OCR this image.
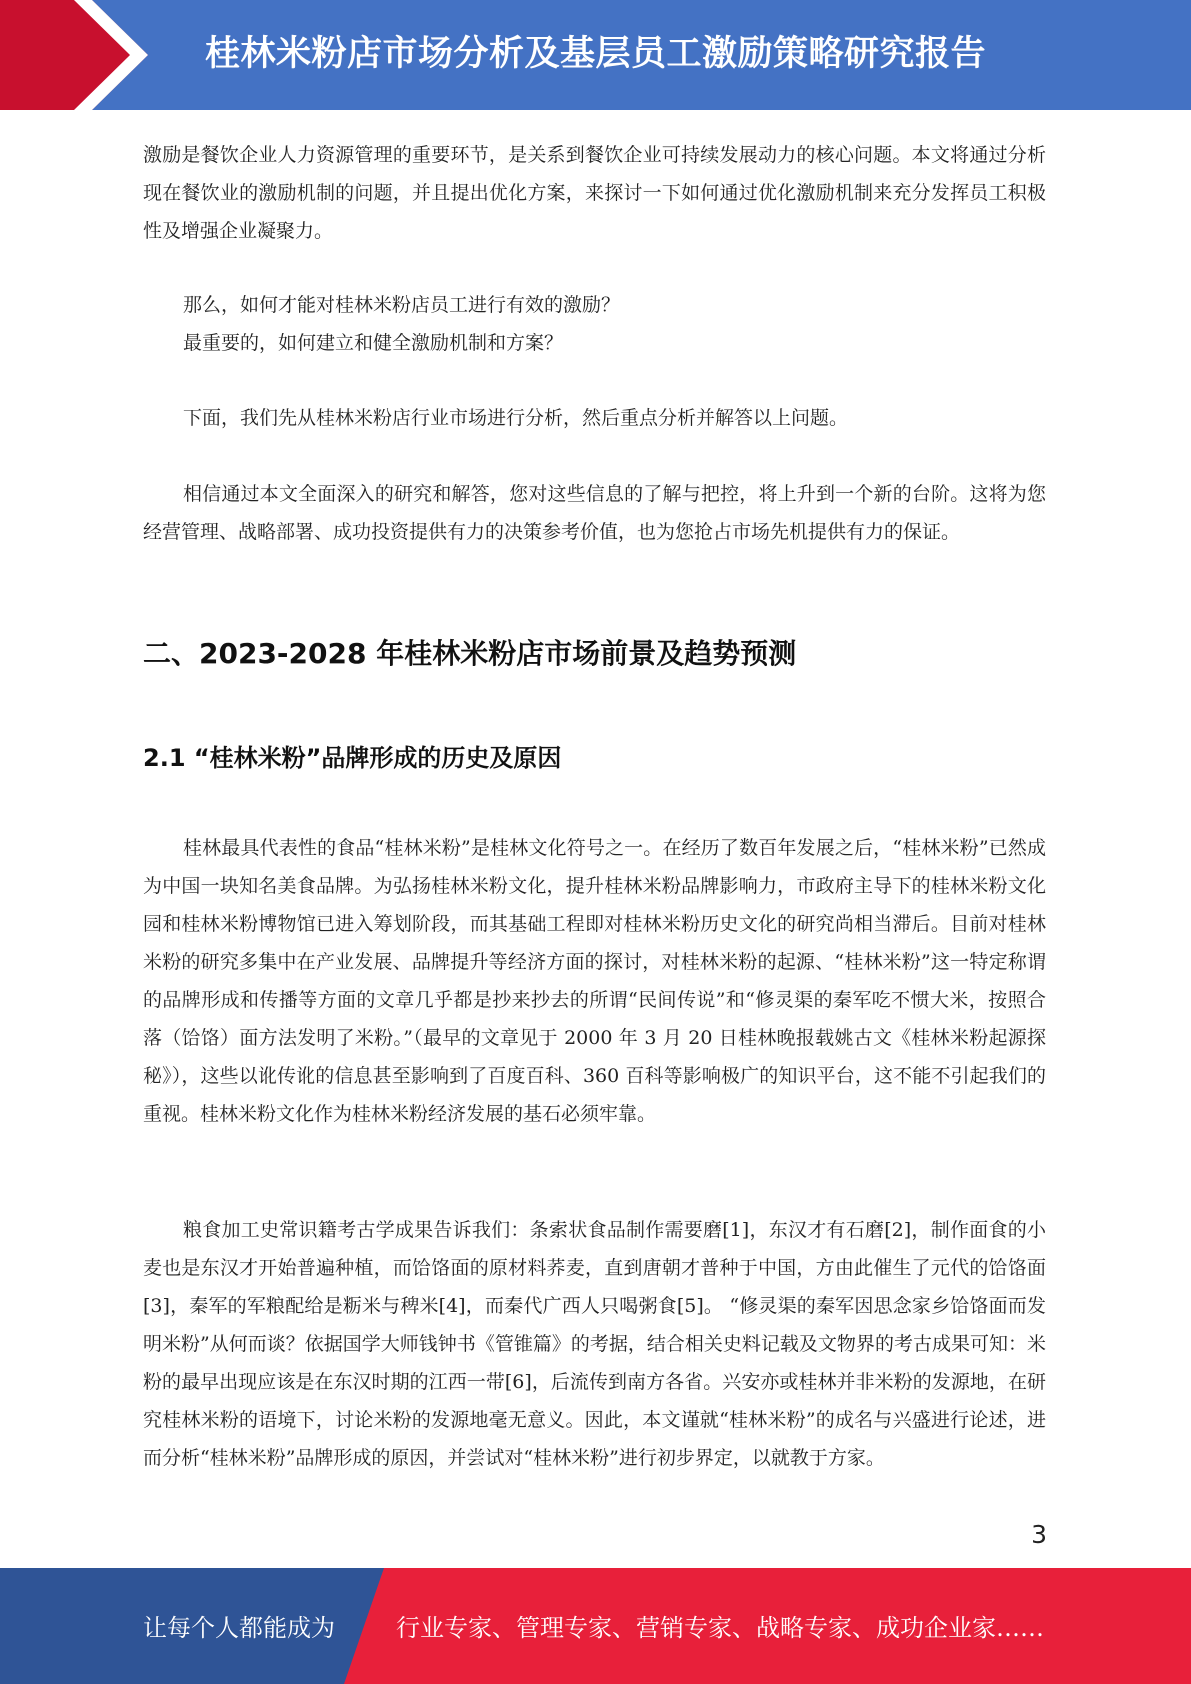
桂林米粉店市场分析及基层员工激励策略研究报告

激励是餐饮企业人力资源管理的重要环节，是关系到餐饮企业可持续发展动力的核心问题。本文将通过分析现在餐饮业的激励机制的问题，并且提出优化方案，来探讨一下如何通过优化激励机制来充分发挥员工积极性及增强企业凝聚力。

那么，如何才能对桂林米粉店员工进行有效的激励？

最重要的，如何建立和健全激励机制和方案？

下面，我们先从桂林米粉店行业市场进行分析，然后重点分析并解答以上问题。

相信通过本文全面深入的研究和解答，您对这些信息的了解与把控，将上升到一个新的台阶。这将为您经营管理、战略部署、成功投资提供有力的决策参考价值，也为您抢占市场先机提供有力的保证。

二、2023-2028 年桂林米粉店市场前景及趋势预测
2.1 “桂林米粉”品牌形成的历史及原因

桂林最具代表性的食品“桂林米粉”是桂林文化符号之一。在经历了数百年发展之后，“桂林米粉”已然成为中国一块知名美食品牌。为弘扬桂林米粉文化，提升桂林米粉品牌影响力，市政府主导下的桂林米粉文化园和桂林米粉博物馆已进入筹划阶段，而其基础工程即对桂林米粉历史文化的研究尚相当滞后。目前对桂林米粉的研究多集中在产业发展、品牌提升等经济方面的探讨，对桂林米粉的起源、“桂林米粉”这一特定称谓的品牌形成和传播等方面的文章几乎都是抄来抄去的所谓“民间传说”和“修灵渠的秦军吃不惯大米，按照合落（饸饹）面方法发明了米粉。”（最早的文章见于 2000 年 3 月 20 日桂林晚报载姚古文《桂林米粉起源探秘》），这些以讹传讹的信息甚至影响到了百度百科、360 百科等影响极广的知识平台，这不能不引起我们的重视。桂林米粉文化作为桂林米粉经济发展的基石必须牢靠。

粮食加工史常识籍考古学成果告诉我们：条索状食品制作需要磨[1]，东汉才有石磨[2]，制作面食的小麦也是东汉才开始普遍种植，而饸饹面的原材料荞麦，直到唐朝才普种于中国，方由此催生了元代的饸饹面[3]，秦军的军粮配给是粝米与稗米[4]，而秦代广西人只喝粥食[5]。 “修灵渠的秦军因思念家乡饸饹面而发明米粉”从何而谈？依据国学大师钱钟书《管锥篇》的考据，结合相关史料记载及文物界的考古成果可知：米粉的最早出现应该是在东汉时期的江西一带[6]，后流传到南方各省。兴安亦或桂林并非米粉的发源地，在研究桂林米粉的语境下，讨论米粉的发源地毫无意义。因此，本文谨就“桂林米粉”的成名与兴盛进行论述，进而分析“桂林米粉”品牌形成的原因，并尝试对“桂林米粉”进行初步界定，以就教于方家。

3
让每个人都能成为	行业专家、管理专家、营销专家、战略专家、成功企业家……
